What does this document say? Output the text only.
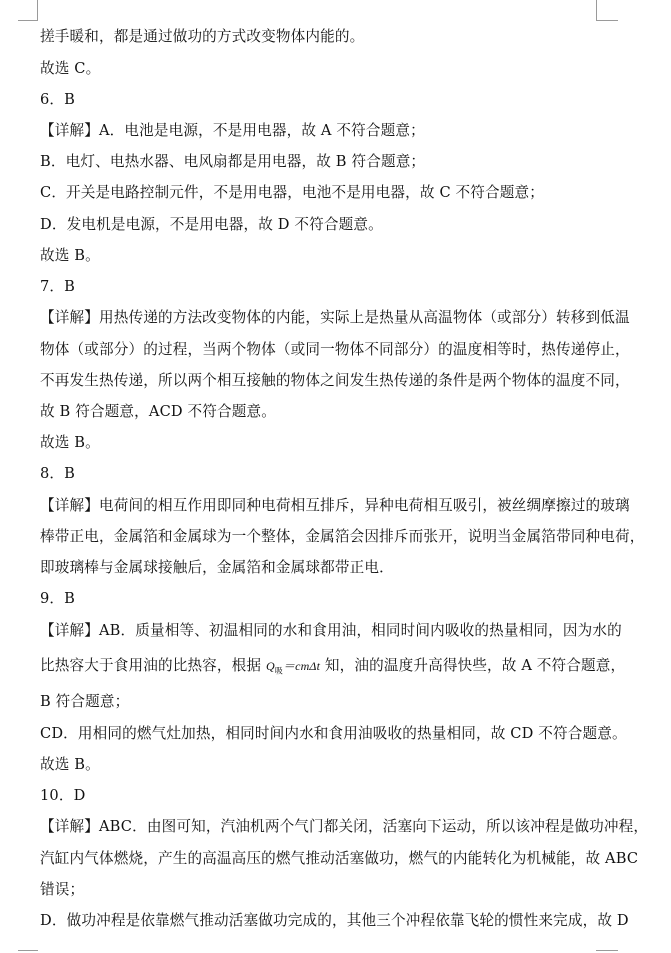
搓手暖和，都是通过做功的方式改变物体内能的。
故选 C。
6．B
【详解】A．电池是电源，不是用电器，故 A 不符合题意；
B．电灯、电热水器、电风扇都是用电器，故 B 符合题意；
C．开关是电路控制元件，不是用电器，电池不是用电器，故 C 不符合题意；
D．发电机是电源，不是用电器，故 D 不符合题意。
故选 B。
7．B
【详解】用热传递的方法改变物体的内能，实际上是热量从高温物体（或部分）转移到低温
物体（或部分）的过程，当两个物体（或同一物体不同部分）的温度相等时，热传递停止，
不再发生热传递，所以两个相互接触的物体之间发生热传递的条件是两个物体的温度不同，
故 B 符合题意，ACD 不符合题意。
故选 B。
8．B
【详解】电荷间的相互作用即同种电荷相互排斥，异种电荷相互吸引，被丝绸摩擦过的玻璃
棒带正电，金属箔和金属球为一个整体，金属箔会因排斥而张开，说明当金属箔带同种电荷，
即玻璃棒与金属球接触后，金属箔和金属球都带正电．
9．B
【详解】AB．质量相等、初温相同的水和食用油，相同时间内吸收的热量相同，因为水的
比热容大于食用油的比热容，根据 $Q_吸=cm\Delta t$ 知，油的温度升高得快些，故 A 不符合题意，
B 符合题意；
CD．用相同的燃气灶加热，相同时间内水和食用油吸收的热量相同，故 CD 不符合题意。
故选 B。
10．D
【详解】ABC．由图可知，汽油机两个气门都关闭，活塞向下运动，所以该冲程是做功冲程，
汽缸内气体燃烧，产生的高温高压的燃气推动活塞做功，燃气的内能转化为机械能，故 ABC
错误；
D．做功冲程是依靠燃气推动活塞做功完成的，其他三个冲程依靠飞轮的惯性来完成，故 D
